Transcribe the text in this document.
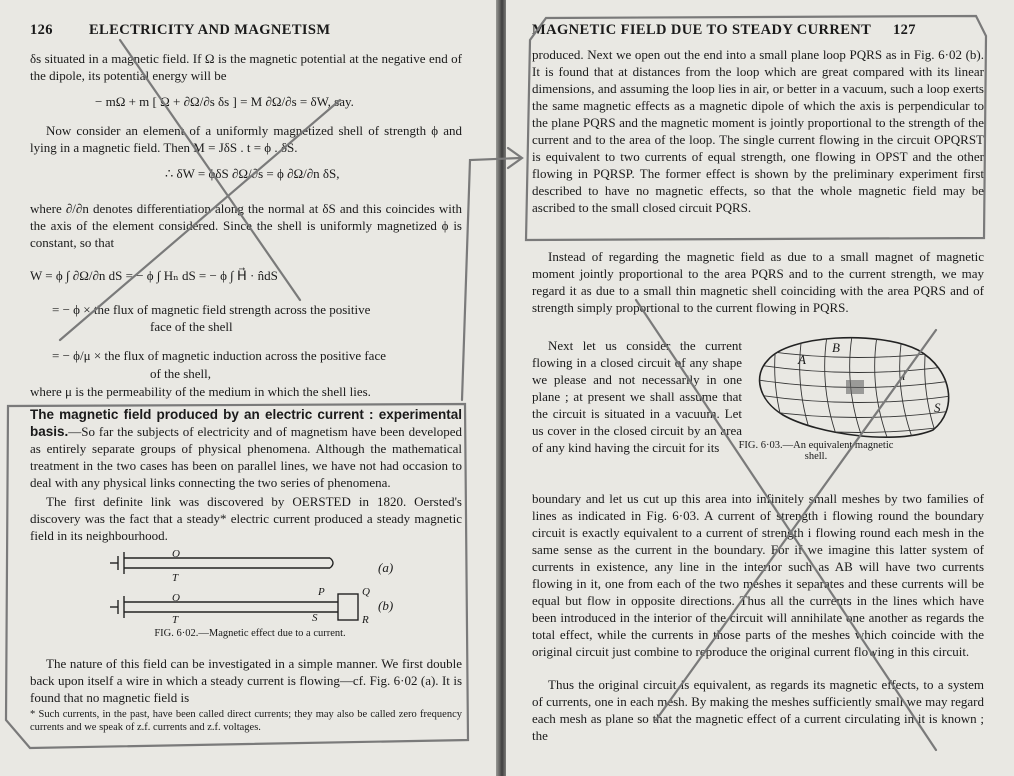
126 ELECTRICITY AND MAGNETISM

δs situated in a magnetic field. If Ω is the magnetic potential at the negative end of the dipole, its potential energy will be

− mΩ + m [ Ω + ∂Ω/∂s δs ] = M ∂Ω/∂s = δW, say.

Now consider an element of a uniformly magnetized shell of strength ϕ and lying in a magnetic field. Then M = JδS . t = ϕ . δS.

∴ δW = ϕδS ∂Ω/∂s = ϕ ∂Ω/∂n δS,

where ∂/∂n denotes differentiation along the normal at δS and this coincides with the axis of the element considered. Since the shell is uniformly magnetized ϕ is constant, so that

W = ϕ ∫ ∂Ω/∂n dS = − ϕ ∫ Hₙ dS = − ϕ ∫ H⃗ · n̂dS
= − ϕ × the flux of magnetic field strength across the positive
face of the shell
= − ϕ/μ × the flux of magnetic induction across the positive face
of the shell,

where μ is the permeability of the medium in which the shell lies.

The magnetic field produced by an electric current : experimental basis.—So far the subjects of electricity and of magnetism have been developed as entirely separate groups of physical phenomena. Although the mathematical treatment in the two cases has been on parallel lines, we have not had occasion to deal with any physical links connecting the two series of phenomena.

The first definite link was discovered by OERSTED in 1820. Oersted's discovery was the fact that a steady* electric current produced a steady magnetic field in its neighbourhood.

O
T
O
T
P	Q
S	R
(a)
(b)
FIG. 6·02.—Magnetic effect due to a current.

The nature of this field can be investigated in a simple manner. We first double back upon itself a wire in which a steady current is flowing—cf. Fig. 6·02 (a). It is found that no magnetic field is

* Such currents, in the past, have been called direct currents; they may also be called zero frequency currents and we speak of z.f. currents and z.f. voltages.

MAGNETIC FIELD DUE TO STEADY CURRENT 127

produced. Next we open out the end into a small plane loop PQRS as in Fig. 6·02 (b). It is found that at distances from the loop which are great compared with its linear dimensions, and assuming the loop lies in air, or better in a vacuum, such a loop exerts the same magnetic effects as a magnetic dipole of which the axis is perpendicular to the plane PQRS and the magnetic moment is jointly proportional to the strength of the current and to the area of the loop. The single current flowing in the circuit OPQRST is equivalent to two currents of equal strength, one flowing in OPST and the other flowing in PQRSP. The former effect is shown by the preliminary experiment first described to have no magnetic effects, so that the whole magnetic field may be ascribed to the small closed circuit PQRS.

Instead of regarding the magnetic field as due to a small magnet of magnetic moment jointly proportional to the area PQRS and to the current strength, we may regard it as due to a small thin magnetic shell coinciding with the area PQRS and of strength simply proportional to the current flowing in PQRS.

Next let us consider the current flowing in a closed circuit of any shape we please and not necessarily in one plane ; at present we shall assume that the circuit is situated in a vacuum. Let us cover in the closed circuit by an area of any kind having the circuit for its

boundary and let us cut up this area into infinitely small meshes by two families of lines as indicated in Fig. 6·03. A current of strength i flowing round the boundary circuit is exactly equivalent to a current of strength i flowing round each mesh in the same sense as the current in the boundary. For if we imagine this latter system of currents in existence, any line in the interior such as AB will have two currents flowing in it, one from each of the two meshes it separates and these currents will be equal but flow in opposite directions. Thus all the currents in the lines which have been introduced in the interior of the circuit will annihilate one another as regards the total effect, while the currents in those parts of the meshes which coincide with the original circuit just combine to reproduce the original current flowing in this circuit.

Thus the original circuit is equivalent, as regards its magnetic effects, to a system of currents, one in each mesh. By making the meshes sufficiently small we may regard each mesh as plane so that the magnetic effect of a current circulating in it is known ; the

A
B
i
S
FIG. 6·03.—An equivalent magnetic shell.
